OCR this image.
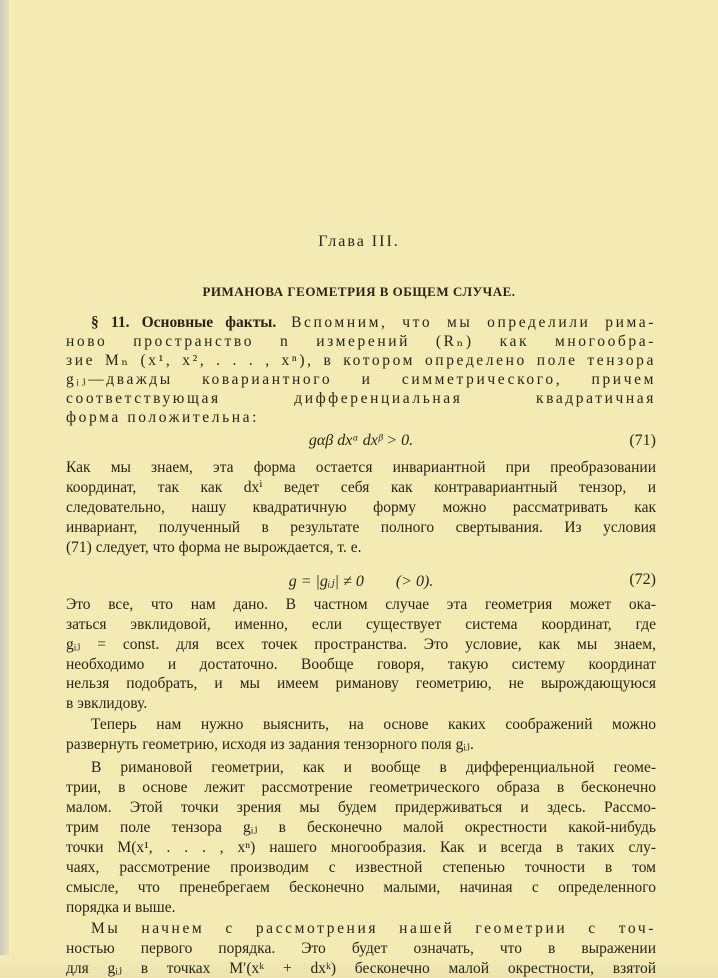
Глава III.
РИМАНОВА ГЕОМЕТРИЯ В ОБЩЕМ СЛУЧАЕ.
§ 11. Основные факты. Вспомним, что мы определили рима-
ново пространство n измерений (Rₙ) как многообра-
зие Mₙ (x¹, x², . . . , xⁿ), в котором определено поле тензора
gᵢⱼ—дважды ковариантного и симметрического, причем
соответствующая дифференциальная квадратичная
форма положительна:
gαβ dxᵅ dxᵝ > 0.	(71)
Как мы знаем, эта форма остается инвариантной при преобразовании
координат, так как dxⁱ ведет себя как контравариантный тензор, и
следовательно, нашу квадратичную форму можно рассматривать как
инвариант, полученный в результате полного свертывания. Из условия
(71) следует, что форма не вырождается, т. е.
g = |gᵢⱼ| ≠ 0        (> 0).	(72)
Это все, что нам дано. В частном случае эта геометрия может ока-
заться эвклидовой, именно, если существует система координат, где
gᵢⱼ = const. для всех точек пространства. Это условие, как мы знаем,
необходимо и достаточно. Вообще говоря, такую систему координат
нельзя подобрать, и мы имеем риманову геометрию, не вырождающуюся
в эвклидову.
Теперь нам нужно выяснить, на основе каких соображений можно
развернуть геометрию, исходя из задания тензорного поля gᵢⱼ.
В римановой геометрии, как и вообще в дифференциальной геоме-
трии, в основе лежит рассмотрение геометрического образа в бесконечно
малом. Этой точки зрения мы будем придерживаться и здесь. Рассмо-
трим поле тензора gᵢⱼ в бесконечно малой окрестности какой-нибудь
точки M(x¹, . . . , xⁿ) нашего многообразия. Как и всегда в таких слу-
чаях, рассмотрение производим с известной степенью точности в том
смысле, что пренебрегаем бесконечно малыми, начиная с определенного
порядка и выше.
Мы начнем с рассмотрения нашей геометрии с точ-
ностью первого порядка. Это будет означать, что в выражении
для gᵢⱼ в точках M′(xᵏ + dxᵏ) бесконечно малой окрестности, взятой
